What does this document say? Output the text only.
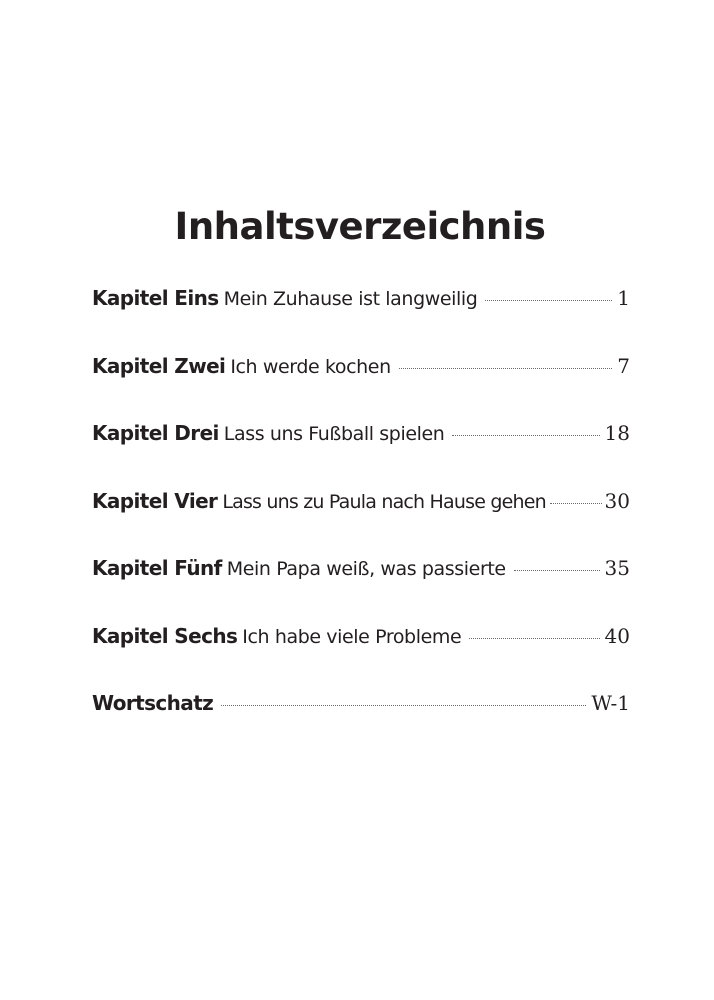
Inhaltsverzeichnis
Kapitel Eins Mein Zuhause ist langweilig	1
Kapitel Zwei Ich werde kochen	7
Kapitel Drei Lass uns Fußball spielen	18
Kapitel Vier Lass uns zu Paula nach Hause gehen	30
Kapitel Fünf Mein Papa weiß, was passierte	35
Kapitel Sechs Ich habe viele Probleme	40
Wortschatz	W-1
